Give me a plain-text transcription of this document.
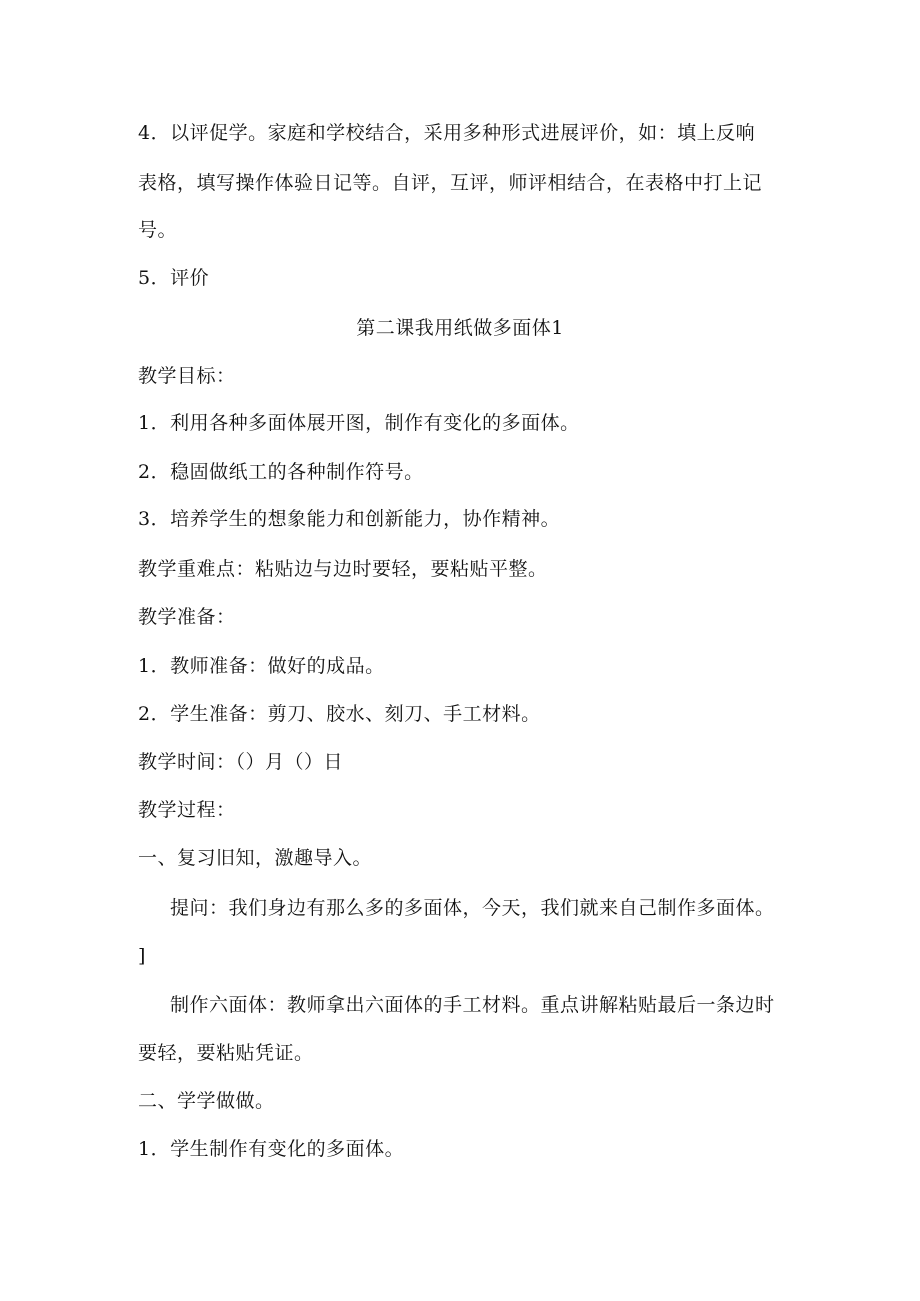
4．以评促学。家庭和学校结合，采用多种形式进展评价，如：填上反响
表格，填写操作体验日记等。自评，互评，师评相结合，在表格中打上记
号。
5．评价
第二课我用纸做多面体1
教学目标：
1．利用各种多面体展开图，制作有变化的多面体。
2．稳固做纸工的各种制作符号。
3．培养学生的想象能力和创新能力，协作精神。
教学重难点：粘贴边与边时要轻，要粘贴平整。
教学准备：
1．教师准备：做好的成品。
2．学生准备：剪刀、胶水、刻刀、手工材料。
教学时间：（）月（）日
教学过程：
一、复习旧知，激趣导入。
提问：我们身边有那么多的多面体，今天，我们就来自己制作多面体。
]
制作六面体：教师拿出六面体的手工材料。重点讲解粘贴最后一条边时
要轻，要粘贴凭证。
二、学学做做。
1．学生制作有变化的多面体。
